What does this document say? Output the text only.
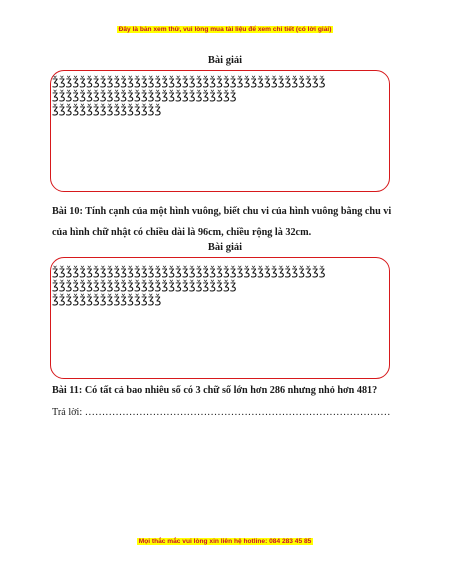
Đây là bản xem thử, vui lòng mua tài liệu để xem chi tiết (có lời giải)
Bài giải
ǯǯǯǯǯǯǯǯǯǯǯǯǯǯǯǯǯǯǯǯǯǯǯǯǯǯǯǯǯǯǯǯǯǯǯǯǯǯǯǯ
ǯǯǯǯǯǯǯǯǯǯǯǯǯǯǯǯǯǯǯǯǯǯǯǯǯǯǯ
ǯǯǯǯǯǯǯǯǯǯǯǯǯǯǯǯ
Bài 10: Tính cạnh của một hình vuông, biết chu vi của hình vuông bằng chu vi của hình chữ nhật có chiều dài là 96cm, chiều rộng là 32cm.
Bài giải
ǯǯǯǯǯǯǯǯǯǯǯǯǯǯǯǯǯǯǯǯǯǯǯǯǯǯǯǯǯǯǯǯǯǯǯǯǯǯǯǯ
ǯǯǯǯǯǯǯǯǯǯǯǯǯǯǯǯǯǯǯǯǯǯǯǯǯǯǯ
ǯǯǯǯǯǯǯǯǯǯǯǯǯǯǯǯ
Bài 11: Có tất cả bao nhiêu số có 3 chữ số lớn hơn 286 nhưng nhỏ hơn 481?
Trả lời: ………………………………………………………………………………
Mọi thắc mắc vui lòng xin liên hệ hotline: 084 283 45 85
